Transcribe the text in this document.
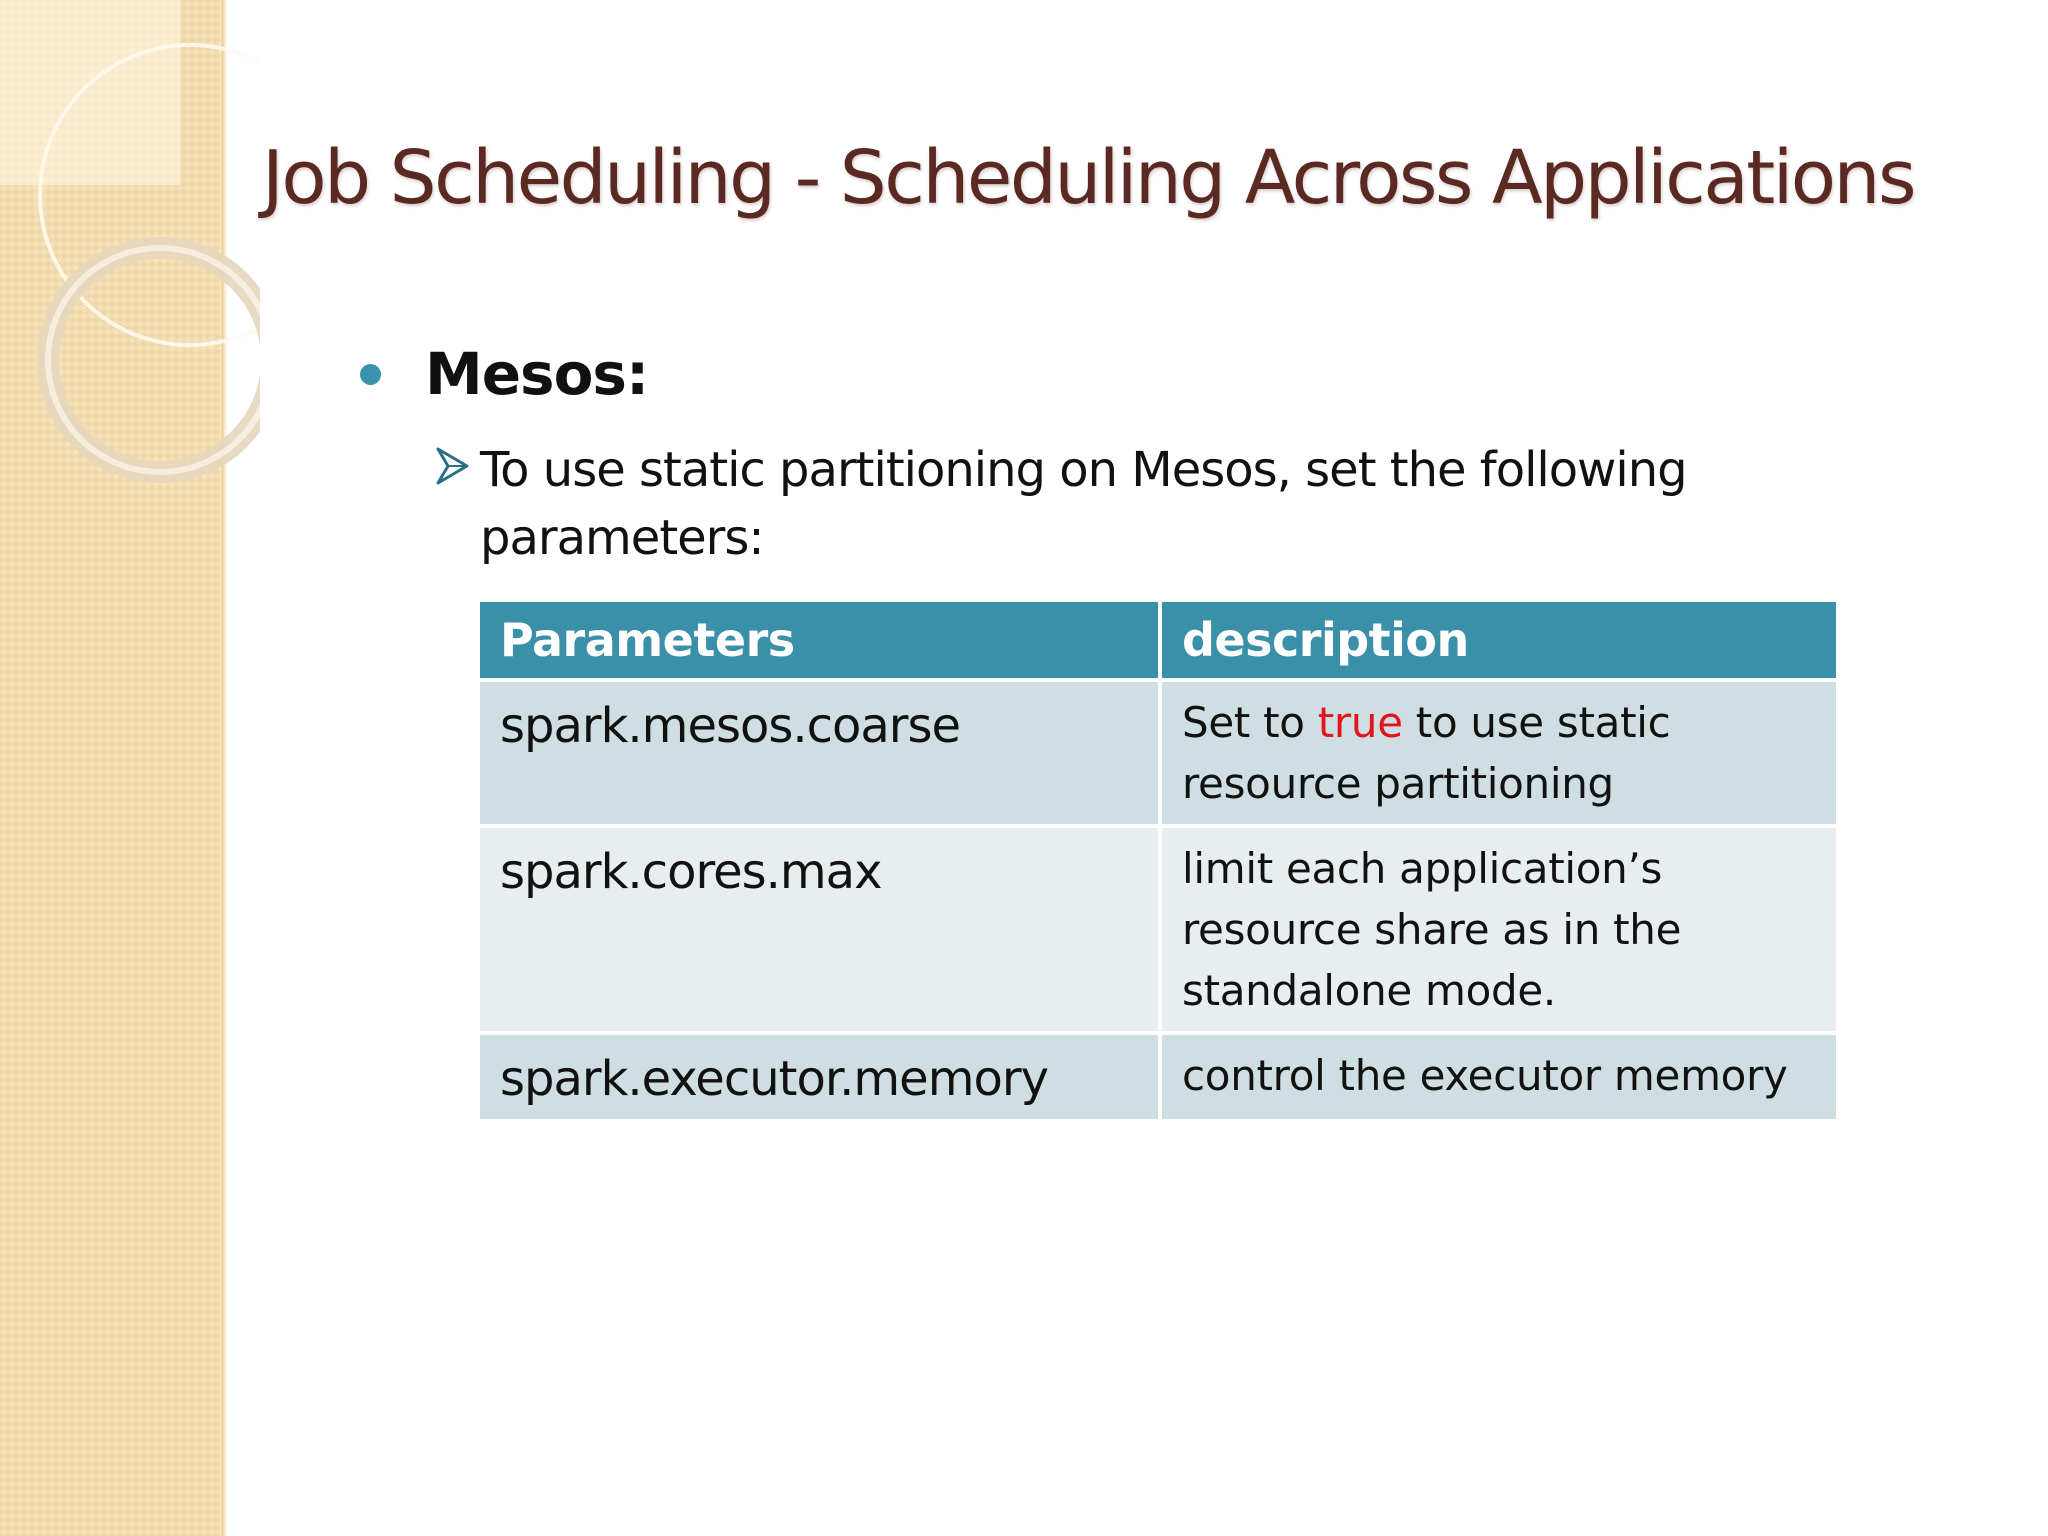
Job Scheduling - Scheduling Across Applications
Mesos:
To use static partitioning on Mesos, set the following parameters:
Parameters	description
spark.mesos.coarse	Set to true to use static resource partitioning
spark.cores.max	limit each application’s resource share as in the standalone mode.
spark.executor.memory	control the executor memory
